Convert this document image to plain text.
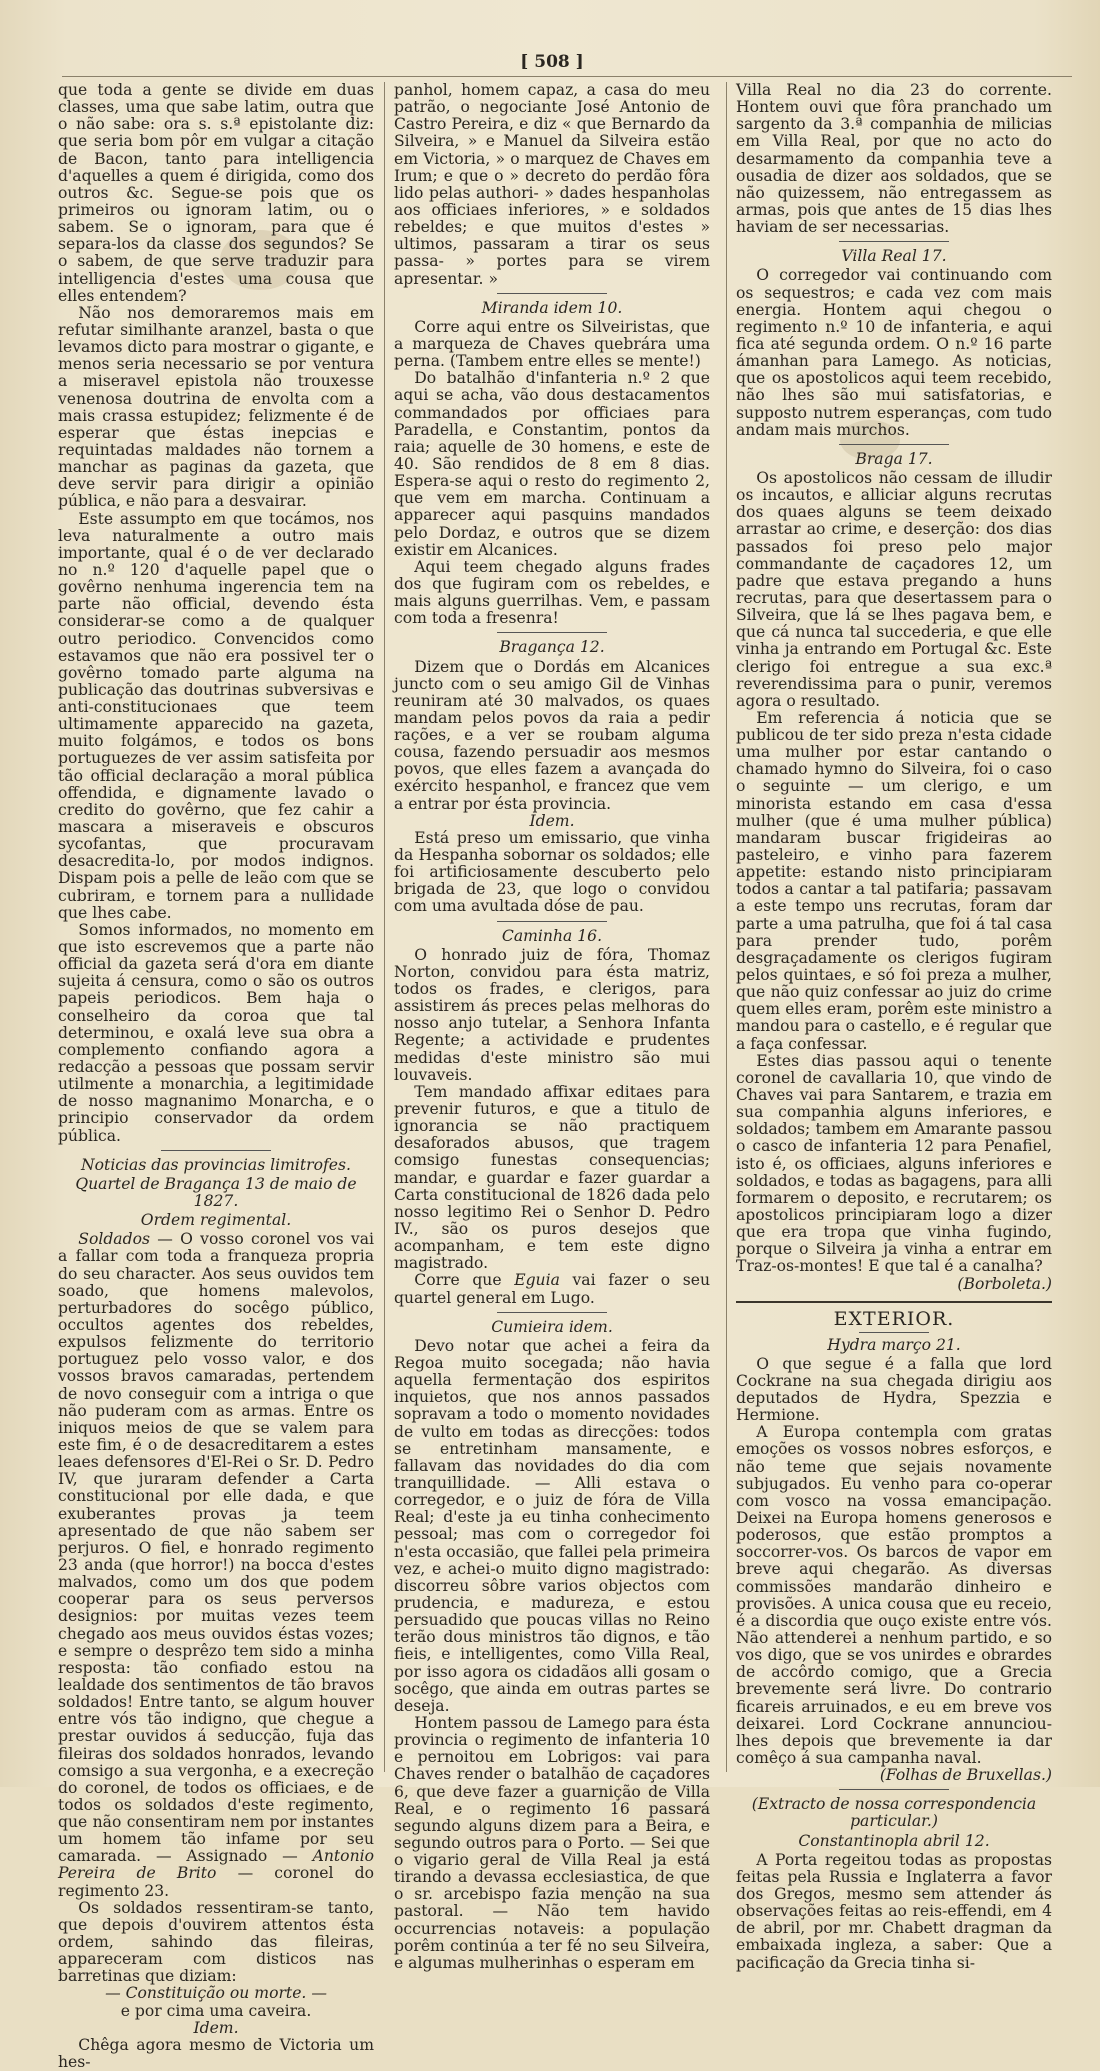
[ 508 ]

que toda a gente se divide em duas classes, uma que sabe latim, outra que o não sabe: ora s. s.ª epistolante diz: que seria bom pôr em vulgar a citação de Bacon, tanto para intelligencia d'aquelles a quem é dirigida, como dos outros &c. Segue-se pois que os primeiros ou ignoram latim, ou o sabem. Se o ignoram, para que é separa-los da classe dos segundos? Se o sabem, de que serve traduzir para intelligencia d'estes uma cousa que elles entendem?

Não nos demoraremos mais em refutar similhante aranzel, basta o que levamos dicto para mostrar o gigante, e menos seria necessario se por ventura a miseravel epistola não trouxesse venenosa doutrina de envolta com a mais crassa estupidez; felizmente é de esperar que éstas inepcias e requintadas maldades não tornem a manchar as paginas da gazeta, que deve servir para dirigir a opinião pública, e não para a desvairar.

Este assumpto em que tocámos, nos leva naturalmente a outro mais importante, qual é o de ver declarado no n.º 120 d'aquelle papel que o govêrno nenhuma ingerencia tem na parte não official, devendo ésta considerar-se como a de qualquer outro periodico. Convencidos como estavamos que não era possivel ter o govêrno tomado parte alguma na publicação das doutrinas subversivas e anti-constitucionaes que teem ultimamente apparecido na gazeta, muito folgámos, e todos os bons portuguezes de ver assim satisfeita por tão official declaração a moral pública offendida, e dignamente lavado o credito do govêrno, que fez cahir a mascara a miseraveis e obscuros sycofantas, que procuravam desacredita-lo, por modos indignos. Dispam pois a pelle de leão com que se cubriram, e tornem para a nullidade que lhes cabe.

Somos informados, no momento em que isto escrevemos que a parte não official da gazeta será d'ora em diante sujeita á censura, como o são os outros papeis periodicos. Bem haja o conselheiro da coroa que tal determinou, e oxalá leve sua obra a complemento confiando agora a redacção a pessoas que possam servir utilmente a monarchia, a legitimidade de nosso magnanimo Monarcha, e o principio conservador da ordem pública.

Noticias das provincias limitrofes.

Quartel de Bragança 13 de maio de 1827.

Ordem regimental.

Soldados — O vosso coronel vos vai a fallar com toda a franqueza propria do seu character. Aos seus ouvidos tem soado, que homens malevolos, perturbadores do socêgo público, occultos agentes dos rebeldes, expulsos felizmente do territorio portuguez pelo vosso valor, e dos vossos bravos camaradas, pertendem de novo conseguir com a intriga o que não puderam com as armas. Entre os iniquos meios de que se valem para este fim, é o de desacreditarem a estes leaes defensores d'El-Rei o Sr. D. Pedro IV, que juraram defender a Carta constitucional por elle dada, e que exuberantes provas ja teem apresentado de que não sabem ser perjuros. O fiel, e honrado regimento 23 anda (que horror!) na bocca d'estes malvados, como um dos que podem cooperar para os seus perversos designios: por muitas vezes teem chegado aos meus ouvidos éstas vozes; e sempre o desprêzo tem sido a minha resposta: tão confiado estou na lealdade dos sentimentos de tão bravos soldados! Entre tanto, se algum houver entre vós tão indigno, que chegue a prestar ouvidos á seducção, fuja das fileiras dos soldados honrados, levando comsigo a sua vergonha, e a execreção do coronel, de todos os officiaes, e de todos os soldados d'este regimento, que não consentiram nem por instantes um homem tão infame por seu camarada. — Assignado — Antonio Pereira de Brito — coronel do regimento 23.

Os soldados ressentiram-se tanto, que depois d'ouvirem attentos ésta ordem, sahindo das fileiras, appareceram com disticos nas barretinas que diziam:

— Constituição ou morte. —

e por cima uma caveira.

Idem.

Chêga agora mesmo de Victoria um hes-

panhol, homem capaz, a casa do meu patrão, o negociante José Antonio de Castro Pereira, e diz « que Bernardo da Silveira, » e Manuel da Silveira estão em Victoria, » o marquez de Chaves em Irum; e que o » decreto do perdão fôra lido pelas authori- » dades hespanholas aos officiaes inferiores, » e soldados rebeldes; e que muitos d'estes » ultimos, passaram a tirar os seus passa- » portes para se virem apresentar. »

Miranda idem 10.

Corre aqui entre os Silveiristas, que a marqueza de Chaves quebrára uma perna. (Tambem entre elles se mente!)

Do batalhão d'infanteria n.º 2 que aqui se acha, vão dous destacamentos commandados por officiaes para Paradella, e Constantim, pontos da raia; aquelle de 30 homens, e este de 40. São rendidos de 8 em 8 dias. Espera-se aqui o resto do regimento 2, que vem em marcha. Continuam a apparecer aqui pasquins mandados pelo Dordaz, e outros que se dizem existir em Alcanices.

Aqui teem chegado alguns frades dos que fugiram com os rebeldes, e mais alguns guerrilhas. Vem, e passam com toda a fresenra!

Bragança 12.

Dizem que o Dordás em Alcanices juncto com o seu amigo Gil de Vinhas reuniram até 30 malvados, os quaes mandam pelos povos da raia a pedir rações, e a ver se roubam alguma cousa, fazendo persuadir aos mesmos povos, que elles fazem a avançada do exército hespanhol, e francez que vem a entrar por ésta provincia.

Idem.

Está preso um emissario, que vinha da Hespanha sobornar os soldados; elle foi artificiosamente descuberto pelo brigada de 23, que logo o convidou com uma avultada dóse de pau.

Caminha 16.

O honrado juiz de fóra, Thomaz Norton, convidou para ésta matriz, todos os frades, e clerigos, para assistirem ás preces pelas melhoras do nosso anjo tutelar, a Senhora Infanta Regente; a actividade e prudentes medidas d'este ministro são mui louvaveis.

Tem mandado affixar editaes para prevenir futuros, e que a titulo de ignorancia se não practiquem desaforados abusos, que tragem comsigo funestas consequencias; mandar, e guardar e fazer guardar a Carta constitucional de 1826 dada pelo nosso legitimo Rei o Senhor D. Pedro IV., são os puros desejos que acompanham, e tem este digno magistrado.

Corre que Eguia vai fazer o seu quartel general em Lugo.

Cumieira idem.

Devo notar que achei a feira da Regoa muito socegada; não havia aquella fermentação dos espiritos inquietos, que nos annos passados sopravam a todo o momento novidades de vulto em todas as direcções: todos se entretinham mansamente, e fallavam das novidades do dia com tranquillidade. — Alli estava o corregedor, e o juiz de fóra de Villa Real; d'este ja eu tinha conhecimento pessoal; mas com o corregedor foi n'esta occasião, que fallei pela primeira vez, e achei-o muito digno magistrado: discorreu sôbre varios objectos com prudencia, e madureza, e estou persuadido que poucas villas no Reino terão dous ministros tão dignos, e tão fieis, e intelligentes, como Villa Real, por isso agora os cidadãos alli gosam o socêgo, que ainda em outras partes se deseja.

Hontem passou de Lamego para ésta provincia o regimento de infanteria 10 e pernoitou em Lobrigos: vai para Chaves render o batalhão de caçadores 6, que deve fazer a guarnição de Villa Real, e o regimento 16 passará segundo alguns dizem para a Beira, e segundo outros para o Porto. — Sei que o vigario geral de Villa Real ja está tirando a devassa ecclesiastica, de que o sr. arcebispo fazia menção na sua pastoral. — Não tem havido occurrencias notaveis: a população porêm continúa a ter fé no seu Silveira, e algumas mulherinhas o esperam em

Villa Real no dia 23 do corrente. Hontem ouvi que fôra pranchado um sargento da 3.ª companhia de milicias em Villa Real, por que no acto do desarmamento da companhia teve a ousadia de dizer aos soldados, que se não quizessem, não entregassem as armas, pois que antes de 15 dias lhes haviam de ser necessarias.

Villa Real 17.

O corregedor vai continuando com os sequestros; e cada vez com mais energia. Hontem aqui chegou o regimento n.º 10 de infanteria, e aqui fica até segunda ordem. O n.º 16 parte ámanhan para Lamego. As noticias, que os apostolicos aqui teem recebido, não lhes são mui satisfatorias, e supposto nutrem esperanças, com tudo andam mais murchos.

Braga 17.

Os apostolicos não cessam de illudir os incautos, e alliciar alguns recrutas dos quaes alguns se teem deixado arrastar ao crime, e deserção: dos dias passados foi preso pelo major commandante de caçadores 12, um padre que estava pregando a huns recrutas, para que desertassem para o Silveira, que lá se lhes pagava bem, e que cá nunca tal succederia, e que elle vinha ja entrando em Portugal &c. Este clerigo foi entregue a sua exc.ª reverendissima para o punir, veremos agora o resultado.

Em referencia á noticia que se publicou de ter sido preza n'esta cidade uma mulher por estar cantando o chamado hymno do Silveira, foi o caso o seguinte — um clerigo, e um minorista estando em casa d'essa mulher (que é uma mulher pública) mandaram buscar frigideiras ao pasteleiro, e vinho para fazerem appetite: estando nisto principiaram todos a cantar a tal patifaria; passavam a este tempo uns recrutas, foram dar parte a uma patrulha, que foi á tal casa para prender tudo, porêm desgraçadamente os clerigos fugiram pelos quintaes, e só foi preza a mulher, que não quiz confessar ao juiz do crime quem elles eram, porêm este ministro a mandou para o castello, e é regular que a faça confessar.

Estes dias passou aqui o tenente coronel de cavallaria 10, que vindo de Chaves vai para Santarem, e trazia em sua companhia alguns inferiores, e soldados; tambem em Amarante passou o casco de infanteria 12 para Penafiel, isto é, os officiaes, alguns inferiores e soldados, e todas as bagagens, para alli formarem o deposito, e recrutarem; os apostolicos principiaram logo a dizer que era tropa que vinha fugindo, porque o Silveira ja vinha a entrar em Traz-os-montes! E que tal é a canalha?

(Borboleta.)

EXTERIOR.

Hydra março 21.

O que segue é a falla que lord Cockrane na sua chegada dirigiu aos deputados de Hydra, Spezzia e Hermione.

A Europa contempla com gratas emoções os vossos nobres esforços, e não teme que sejais novamente subjugados. Eu venho para co-operar com vosco na vossa emancipação. Deixei na Europa homens generosos e poderosos, que estão promptos a soccorrer-vos. Os barcos de vapor em breve aqui chegarão. As diversas commissões mandarão dinheiro e provisões. A unica cousa que eu receio, é a discordia que ouço existe entre vós. Não attenderei a nenhum partido, e so vos digo, que se vos unirdes e obrardes de accôrdo comigo, que a Grecia brevemente será livre. Do contrario ficareis arruinados, e eu em breve vos deixarei. Lord Cockrane annunciou-lhes depois que brevemente ia dar comêço á sua campanha naval.

(Folhas de Bruxellas.)

(Extracto de nossa correspondencia particular.)

Constantinopla abril 12.

A Porta regeitou todas as propostas feitas pela Russia e Inglaterra a favor dos Gregos, mesmo sem attender ás observações feitas ao reis-effendi, em 4 de abril, por mr. Chabett dragman da embaixada ingleza, a saber: Que a pacificação da Grecia tinha si-
